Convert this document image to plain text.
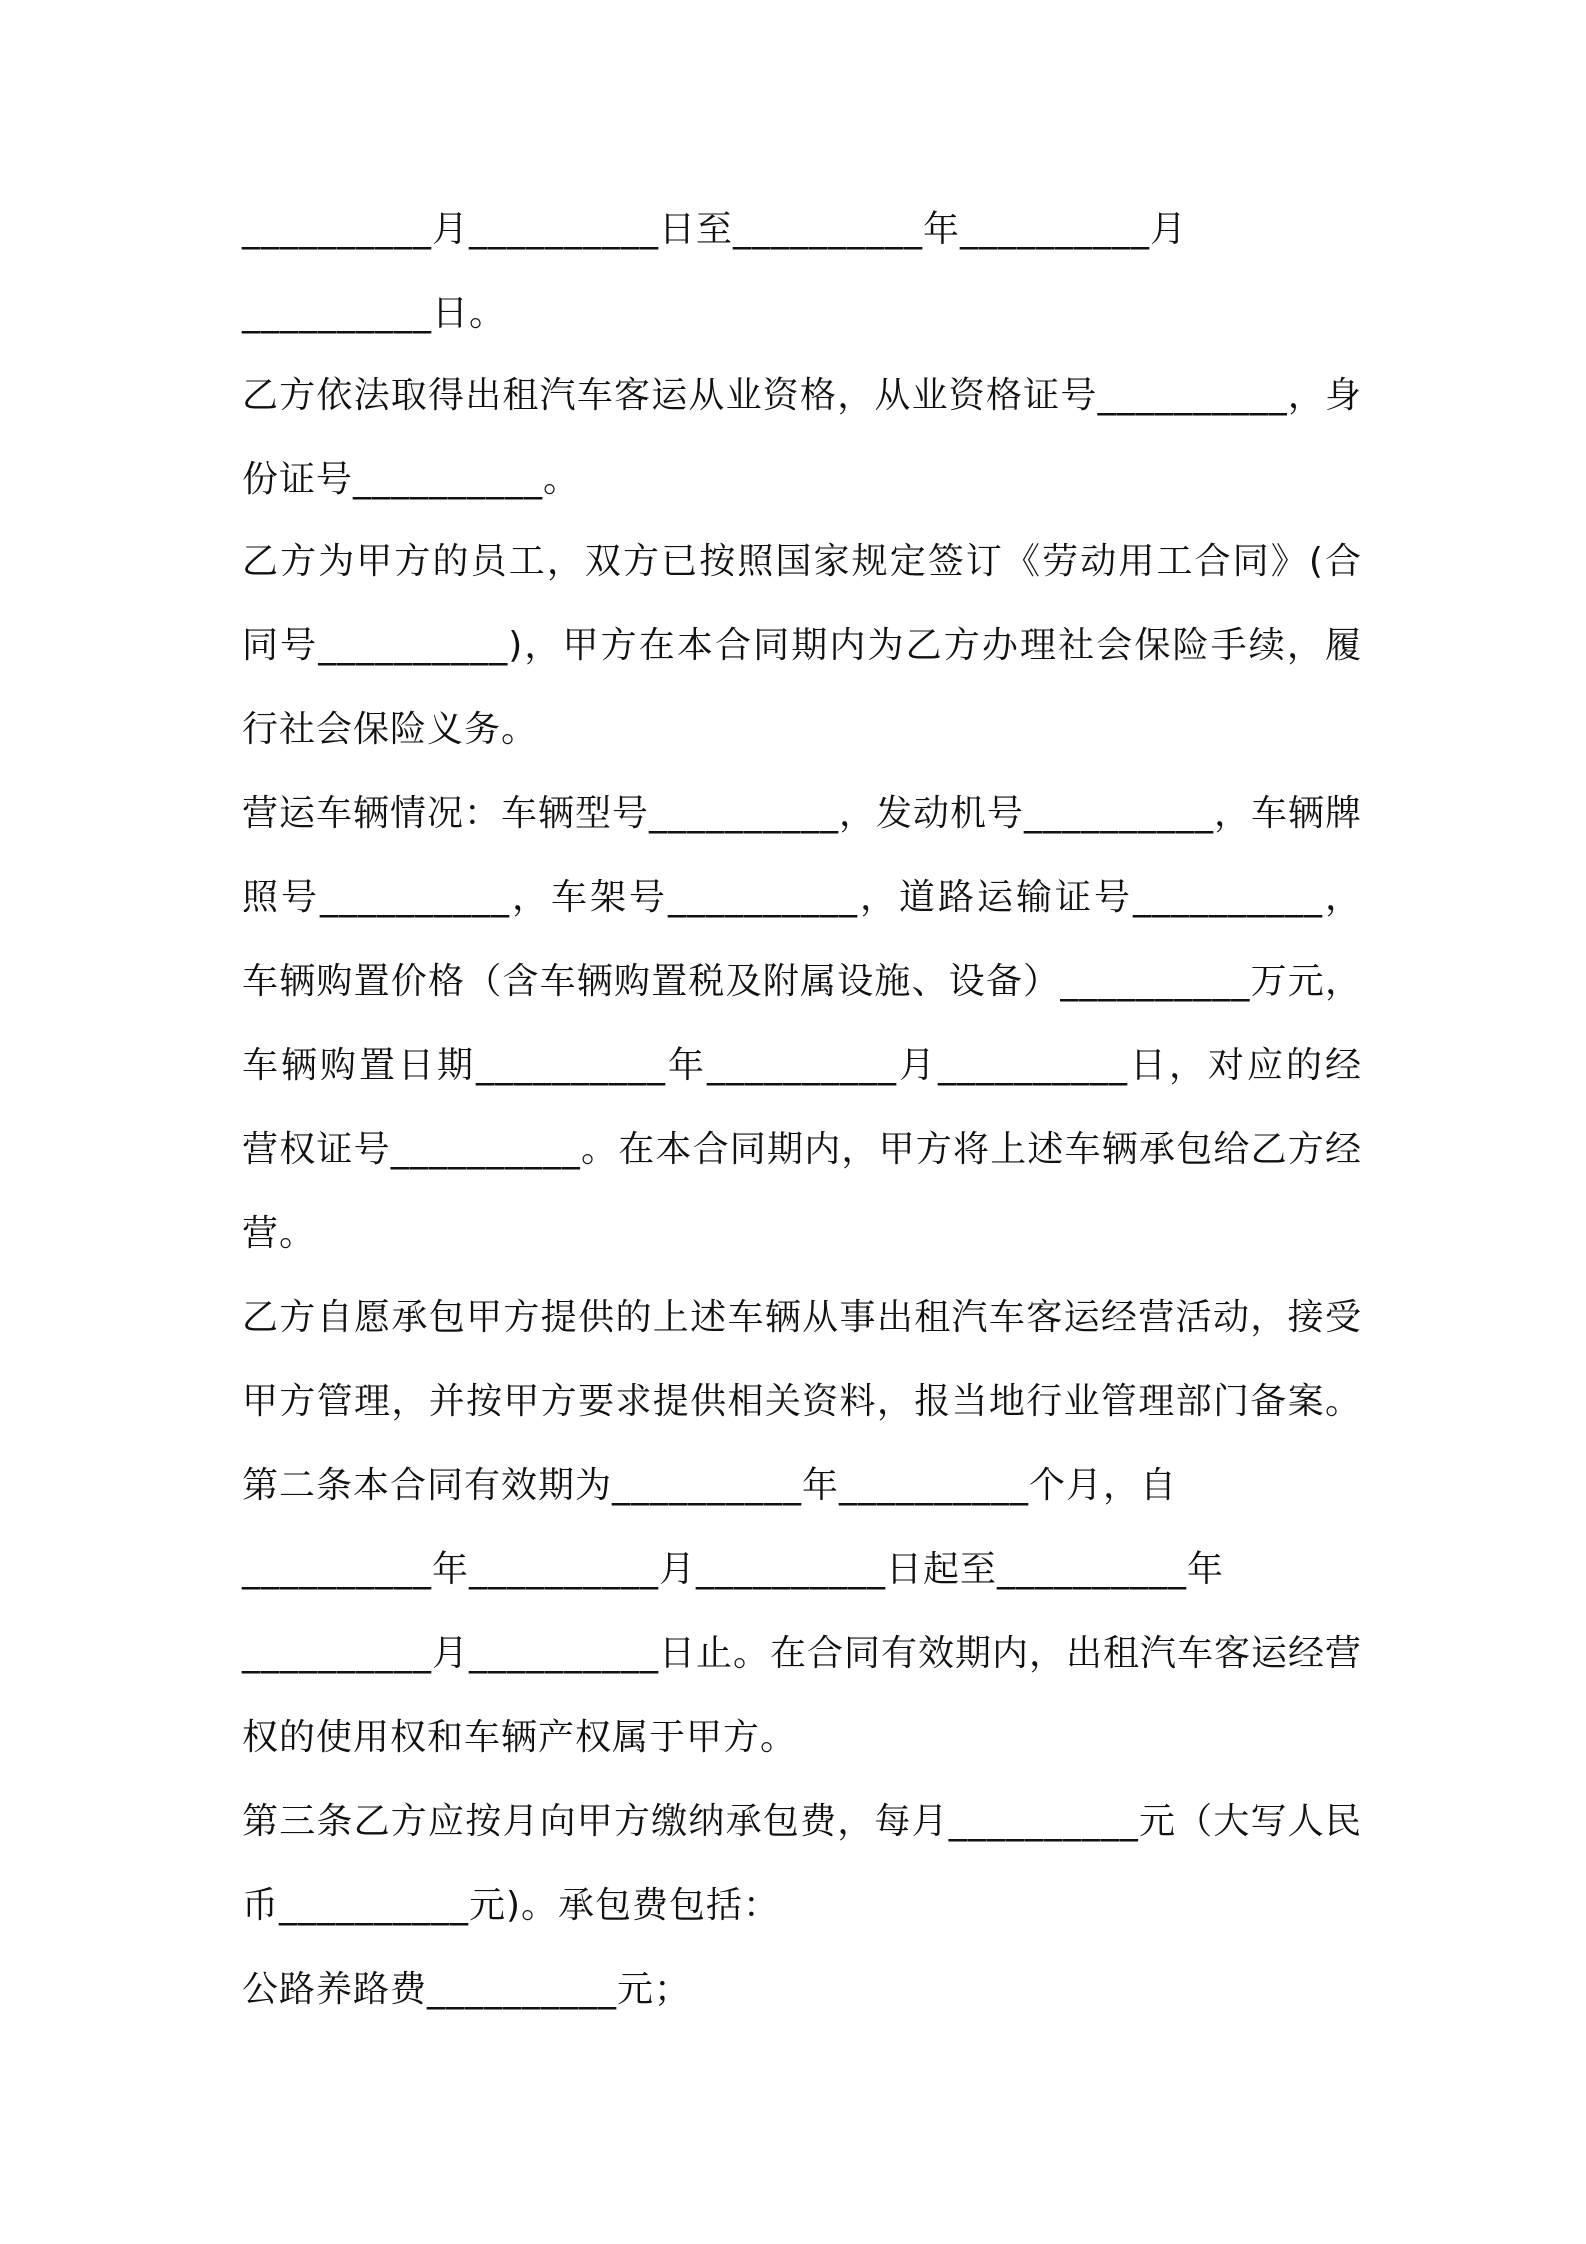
__________月__________日至__________年__________月
__________日。
乙方依法取得出租汽车客运从业资格，从业资格证号__________，身
份证号__________。
乙方为甲方的员工，双方已按照国家规定签订《劳动用工合同》(合
同号__________)，甲方在本合同期内为乙方办理社会保险手续，履
行社会保险义务。
营运车辆情况：车辆型号__________，发动机号__________，车辆牌
照号__________，车架号__________，道路运输证号__________，
车辆购置价格（含车辆购置税及附属设施、设备）__________万元，
车辆购置日期__________年__________月__________日，对应的经
营权证号__________。在本合同期内，甲方将上述车辆承包给乙方经
营。
乙方自愿承包甲方提供的上述车辆从事出租汽车客运经营活动，接受
甲方管理，并按甲方要求提供相关资料，报当地行业管理部门备案。
第二条本合同有效期为__________年__________个月，自
__________年__________月__________日起至__________年
__________月__________日止。在合同有效期内，出租汽车客运经营
权的使用权和车辆产权属于甲方。
第三条乙方应按月向甲方缴纳承包费，每月__________元（大写人民
币__________元)。承包费包括：
公路养路费__________元；
